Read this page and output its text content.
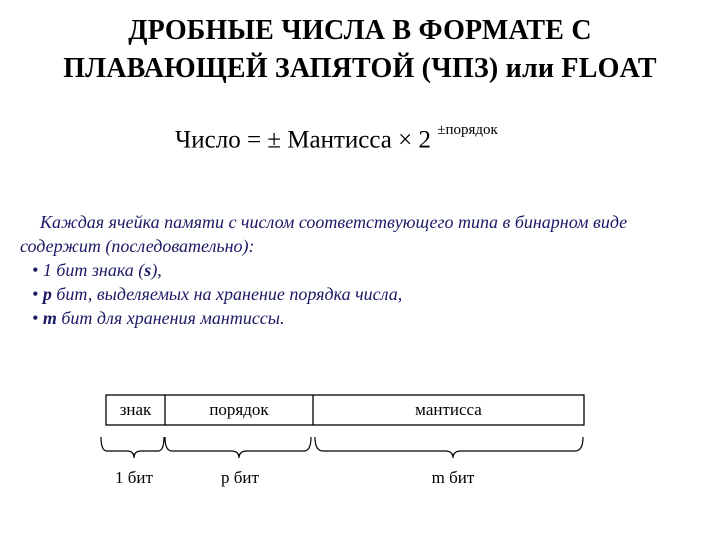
ДРОБНЫЕ ЧИСЛА В ФОРМАТЕ С
ПЛАВАЮЩЕЙ ЗАПЯТОЙ (ЧПЗ) или FLOAT
Число = ± Мантисса × 2 $^{\pm порядок}$
Каждая ячейка памяти с числом соответствующего типа в бинарном виде содержит (последовательно):
• 1 бит знака (s),
• p бит, выделяемых на хранение порядка числа,
• m бит для хранения мантиссы.
знак	порядок	мантисса
1 бит	p бит	m бит
